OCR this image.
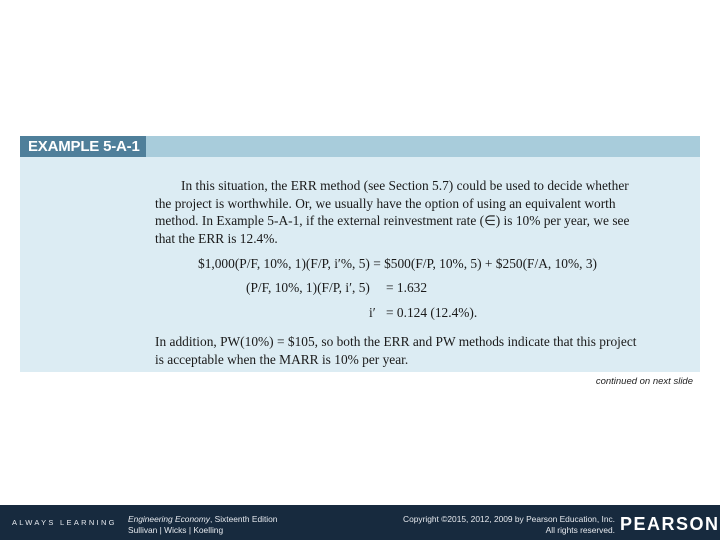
EXAMPLE 5-A-1
In this situation, the ERR method (see Section 5.7) could be used to decide whether
the project is worthwhile. Or, we usually have the option of using an equivalent worth
method. In Example 5-A-1, if the external reinvestment rate (∈) is 10% per year, we see
that the ERR is 12.4%.
$1,000(P/F, 10%, 1)(F/P, i′%, 5) = $500(F/P, 10%, 5) + $250(F/A, 10%, 3)
(P/F, 10%, 1)(F/P, i′, 5) = 1.632
i′ = 0.124 (12.4%).
In addition, PW(10%) = $105, so both the ERR and PW methods indicate that this project
is acceptable when the MARR is 10% per year.
continued on next slide
ALWAYS LEARNING Engineering Economy, Sixteenth Edition
Sullivan | Wicks | Koelling
Copyright ©2015, 2012, 2009 by Pearson Education, Inc.
All rights reserved. PEARSON
